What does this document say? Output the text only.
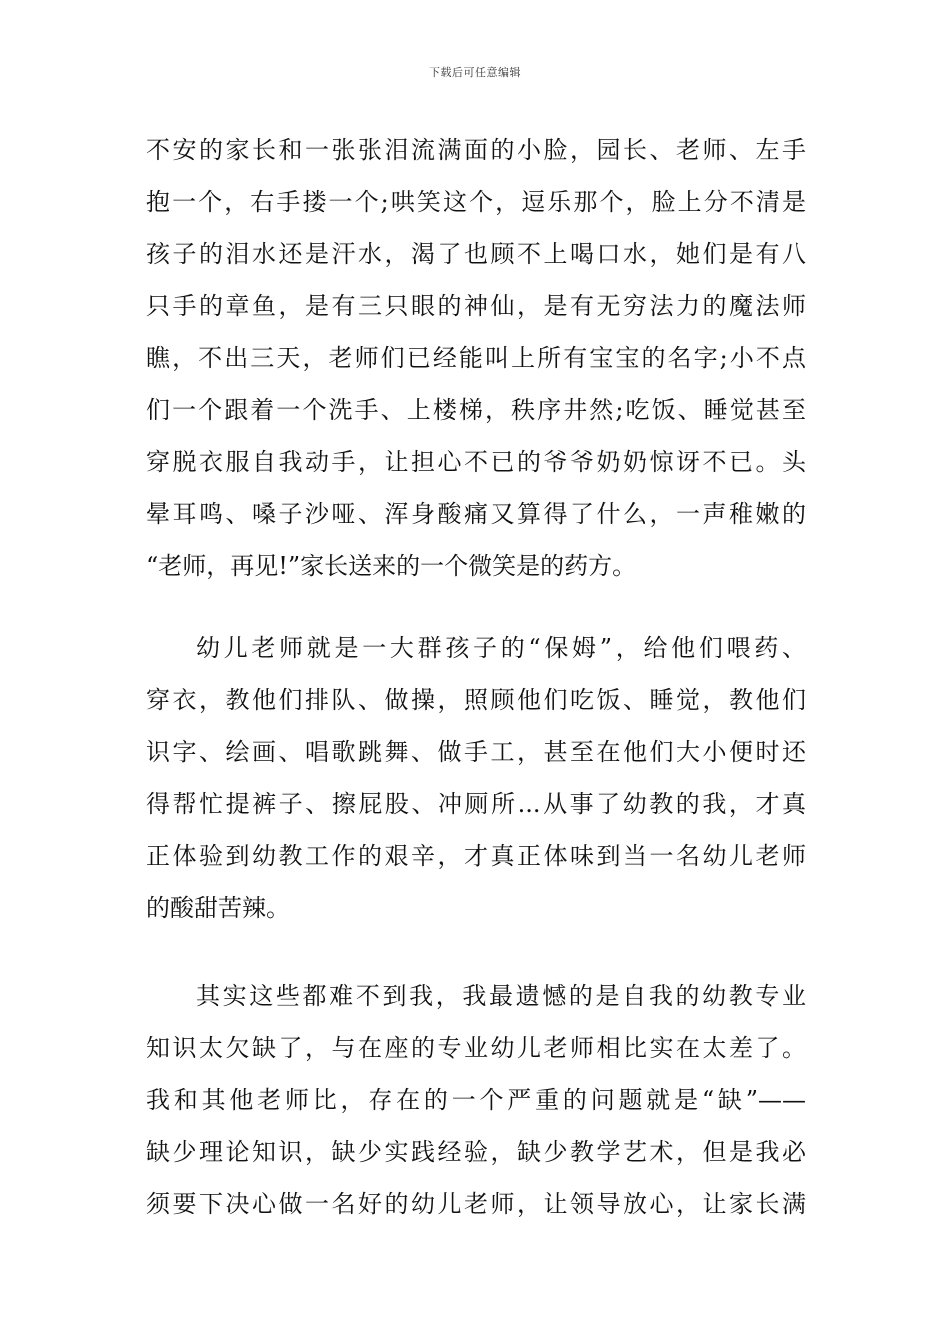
下载后可任意编辑
不安的家长和一张张泪流满面的小脸，园长、老师、左手
抱一个，右手搂一个;哄笑这个，逗乐那个，脸上分不清是
孩子的泪水还是汗水，渴了也顾不上喝口水，她们是有八
只手的章鱼，是有三只眼的神仙，是有无穷法力的魔法师
瞧，不出三天，老师们已经能叫上所有宝宝的名字;小不点
们一个跟着一个洗手、上楼梯，秩序井然;吃饭、睡觉甚至
穿脱衣服自我动手，让担心不已的爷爷奶奶惊讶不已。头
晕耳鸣、嗓子沙哑、浑身酸痛又算得了什么，一声稚嫩的
“老师，再见!”家长送来的一个微笑是的药方。
幼儿老师就是一大群孩子的“保姆”，给他们喂药、
穿衣，教他们排队、做操，照顾他们吃饭、睡觉，教他们
识字、绘画、唱歌跳舞、做手工，甚至在他们大小便时还
得帮忙提裤子、擦屁股、冲厕所...从事了幼教的我，才真
正体验到幼教工作的艰辛，才真正体味到当一名幼儿老师
的酸甜苦辣。
其实这些都难不到我，我最遗憾的是自我的幼教专业
知识太欠缺了，与在座的专业幼儿老师相比实在太差了。
我和其他老师比，存在的一个严重的问题就是“缺”——
缺少理论知识，缺少实践经验，缺少教学艺术，但是我必
须要下决心做一名好的幼儿老师，让领导放心，让家长满
